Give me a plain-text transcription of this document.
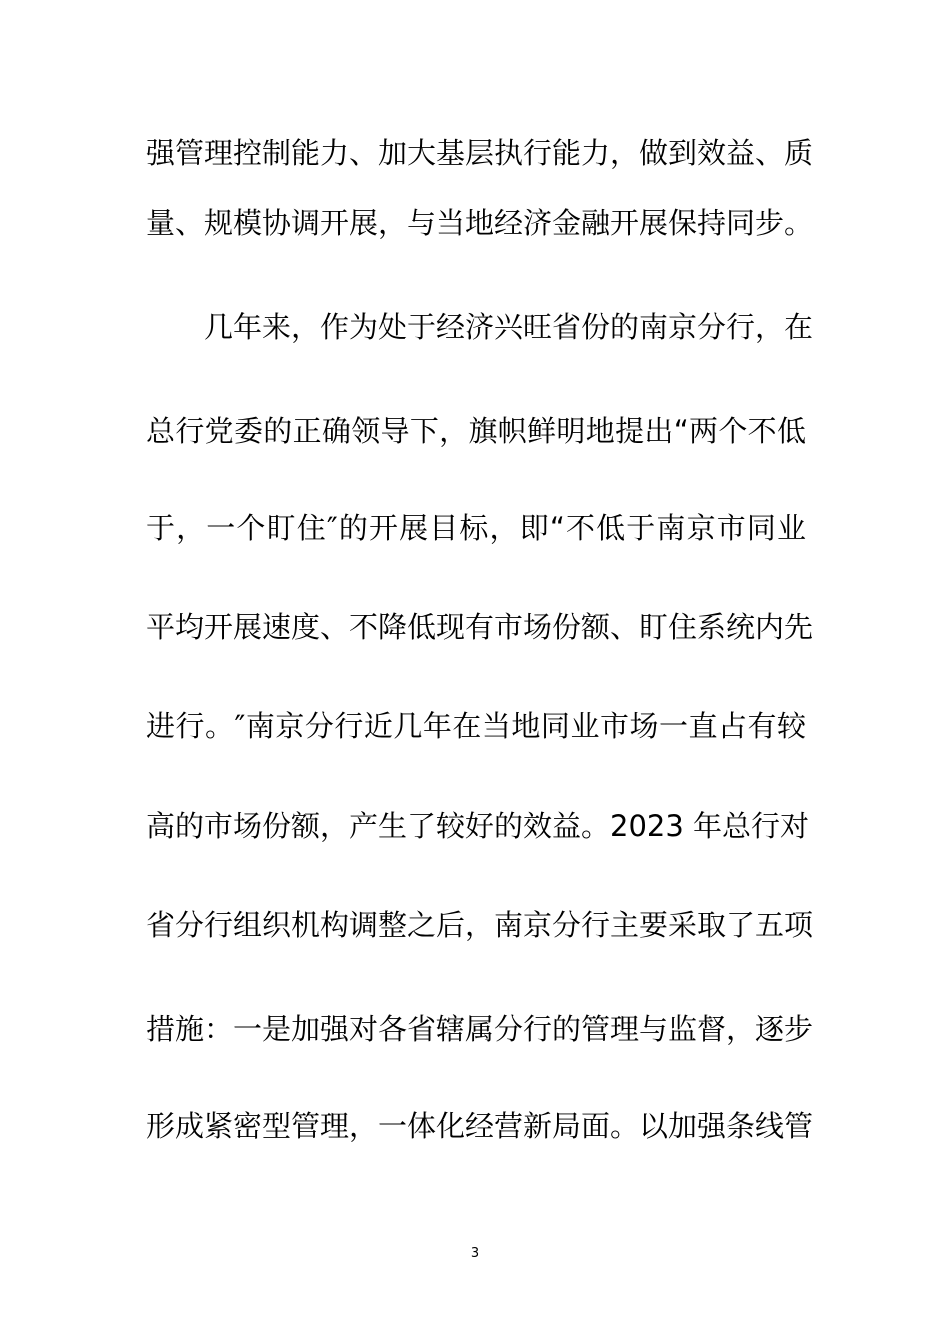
强管理控制能力、加大基层执行能力，做到效益、质
量、规模协调开展，与当地经济金融开展保持同步。
几年来，作为处于经济兴旺省份的南京分行，在
总行党委的正确领导下，旗帜鲜明地提出“两个不低
于，一个盯住″的开展目标，即“不低于南京市同业
平均开展速度、不降低现有市场份额、盯住系统内先
进行。″南京分行近几年在当地同业市场一直占有较
高的市场份额，产生了较好的效益。2023 年总行对
省分行组织机构调整之后，南京分行主要采取了五项
措施：一是加强对各省辖属分行的管理与监督，逐步
形成紧密型管理，一体化经营新局面。以加强条线管
3
